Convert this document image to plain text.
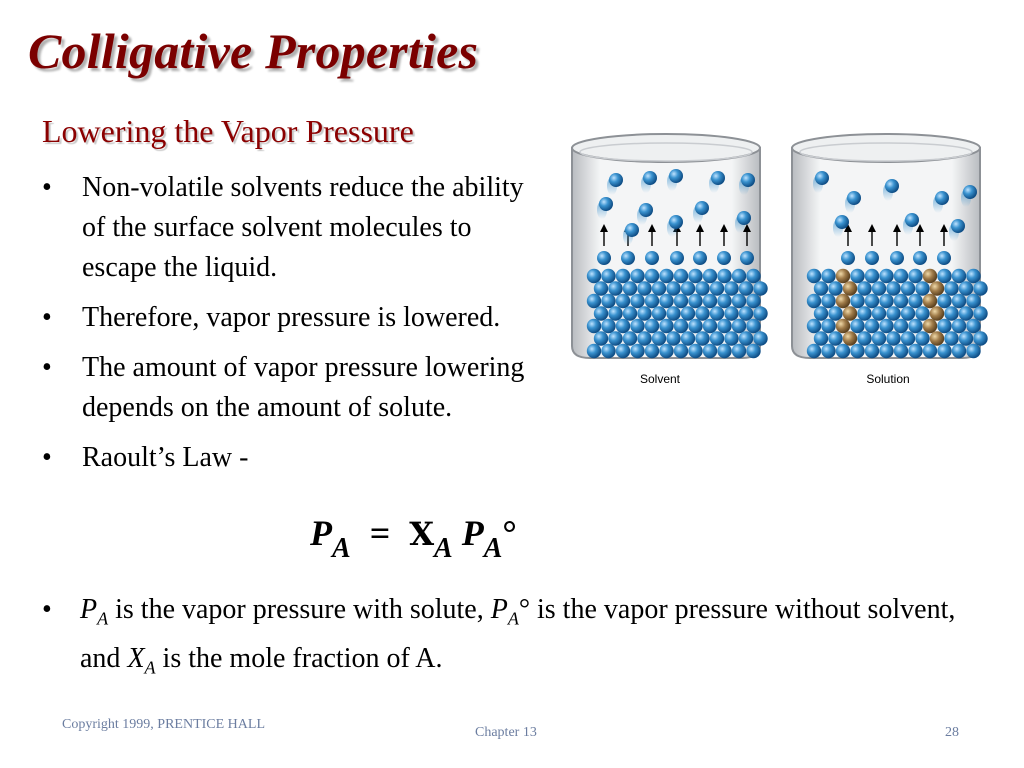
Colligative Properties
Lowering the Vapor Pressure
• Non-volatile solvents reduce the ability of the surface solvent molecules to escape the liquid.
• Therefore, vapor pressure is lowered.
• The amount of vapor pressure lowering depends on the amount of solute.
• Raoult’s Law -
$P_A = X_A$ $P_A^\circ$
•	$P_A$ is the vapor pressure with solute, $P_A^\circ$ is the vapor pressure without solvent, and $X_A$ is the mole fraction of A.
Solvent	Solution
Copyright 1999, PRENTICE HALL
Chapter 13	28
